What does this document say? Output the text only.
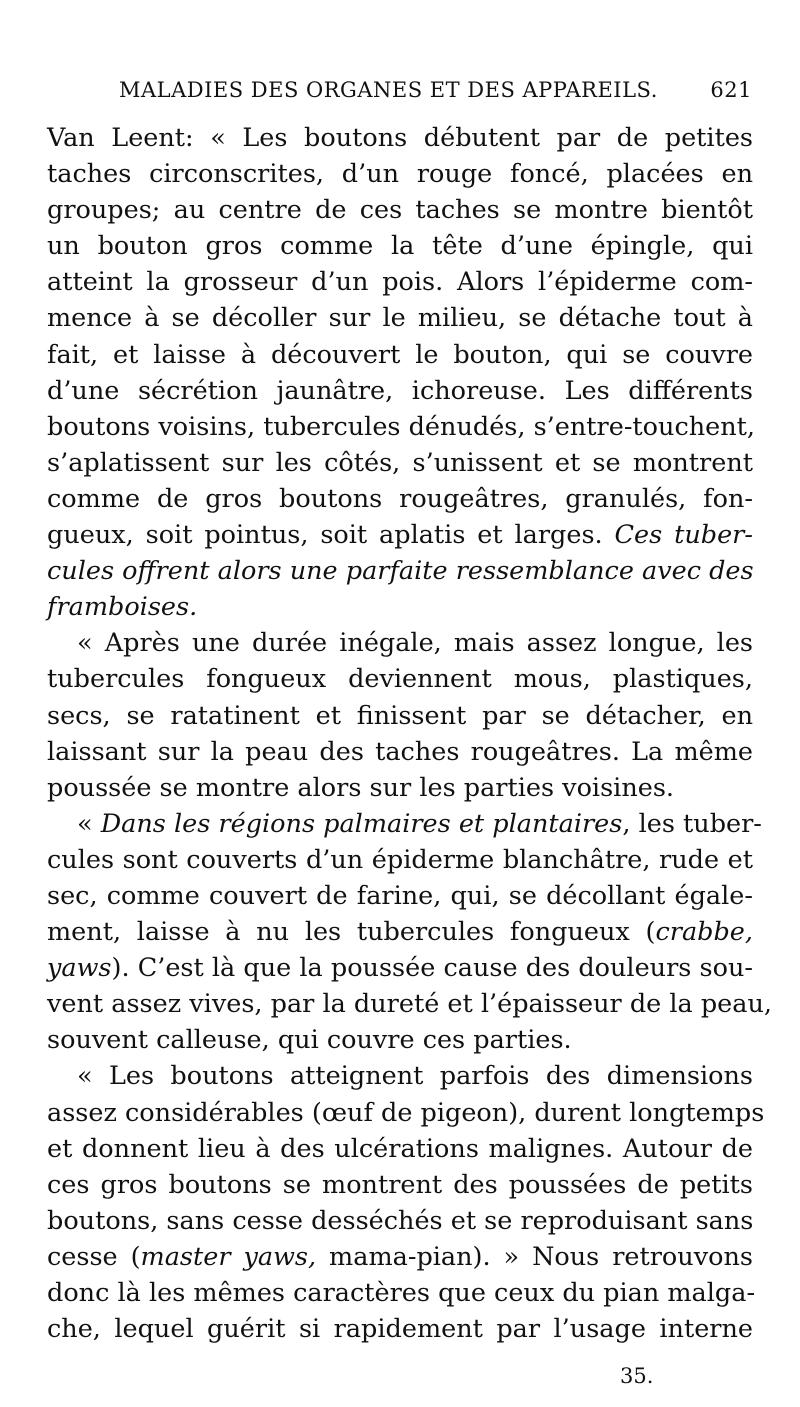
MALADIES DES ORGANES ET DES APPAREILS.	621
Van Leent: « Les boutons débutent par de petites
taches circonscrites, d’un rouge foncé, placées en
groupes; au centre de ces taches se montre bientôt
un bouton gros comme la tête d’une épingle, qui
atteint la grosseur d’un pois. Alors l’épiderme com-
mence à se décoller sur le milieu, se détache tout à
fait, et laisse à découvert le bouton, qui se couvre
d’une sécrétion jaunâtre, ichoreuse. Les différents
boutons voisins, tubercules dénudés, s’entre-touchent,
s’aplatissent sur les côtés, s’unissent et se montrent
comme de gros boutons rougeâtres, granulés, fon-
gueux, soit pointus, soit aplatis et larges. Ces tuber-
cules offrent alors une parfaite ressemblance avec des
framboises.
« Après une durée inégale, mais assez longue, les
tubercules fongueux deviennent mous, plastiques,
secs, se ratatinent et finissent par se détacher, en
laissant sur la peau des taches rougeâtres. La même
poussée se montre alors sur les parties voisines.
« Dans les régions palmaires et plantaires, les tuber-
cules sont couverts d’un épiderme blanchâtre, rude et
sec, comme couvert de farine, qui, se décollant égale-
ment, laisse à nu les tubercules fongueux (crabbe,
yaws). C’est là que la poussée cause des douleurs sou-
vent assez vives, par la dureté et l’épaisseur de la peau,
souvent calleuse, qui couvre ces parties.
« Les boutons atteignent parfois des dimensions
assez considérables (œuf de pigeon), durent longtemps
et donnent lieu à des ulcérations malignes. Autour de
ces gros boutons se montrent des poussées de petits
boutons, sans cesse desséchés et se reproduisant sans
cesse (master yaws, mama-pian). » Nous retrouvons
donc là les mêmes caractères que ceux du pian malga-
che, lequel guérit si rapidement par l’usage interne
35.
